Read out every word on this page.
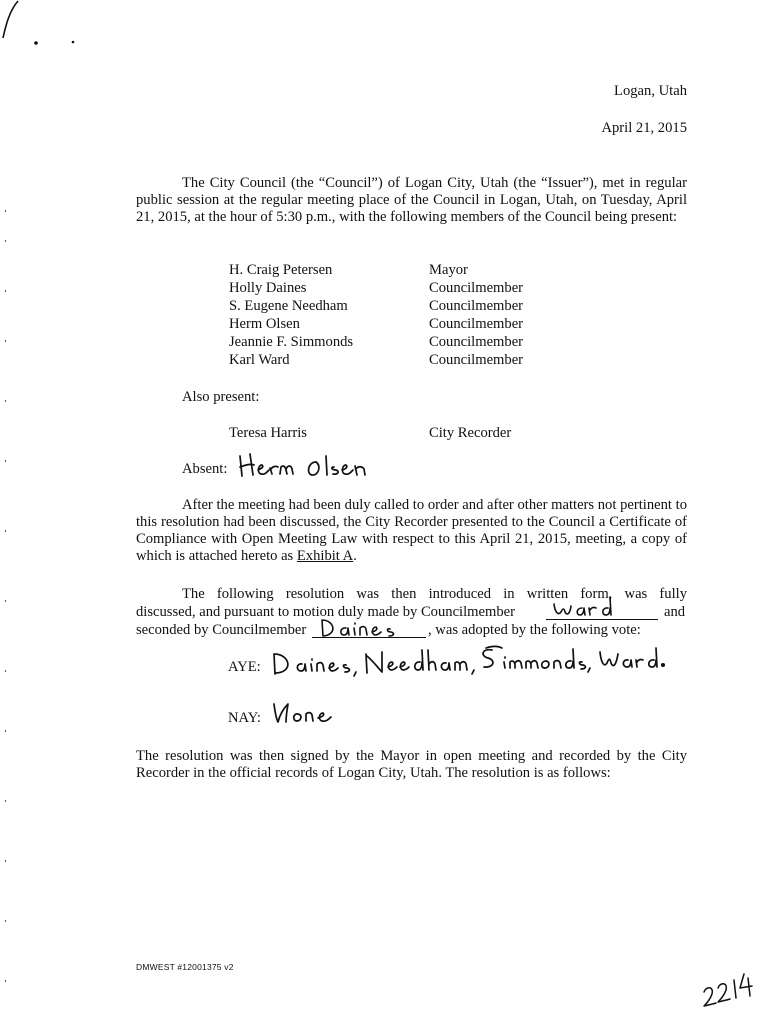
Logan, Utah
April 21, 2015
The City Council (the “Council”) of Logan City, Utah (the “Issuer”), met in regular public session at the regular meeting place of the Council in Logan, Utah, on Tuesday, April 21, 2015, at the hour of 5:30 p.m., with the following members of the Council being present:
H. Craig Petersen	Mayor
Holly Daines	Councilmember
S. Eugene Needham	Councilmember
Herm Olsen	Councilmember
Jeannie F. Simmonds	Councilmember
Karl Ward	Councilmember
Also present:
Teresa Harris	City Recorder
Absent:
After the meeting had been duly called to order and after other matters not pertinent to this resolution had been discussed, the City Recorder presented to the Council a Certificate of Compliance with Open Meeting Law with respect to this April 21, 2015, meeting, a copy of which is attached hereto as Exhibit A.
The following resolution was then introduced in written form, was fully
discussed, and pursuant to motion duly made by Councilmember	and
seconded by Councilmember	, was adopted by the following vote:
AYE:
NAY:
The resolution was then signed by the Mayor in open meeting and recorded by the City Recorder in the official records of Logan City, Utah. The resolution is as follows:
DMWEST #12001375 v2
